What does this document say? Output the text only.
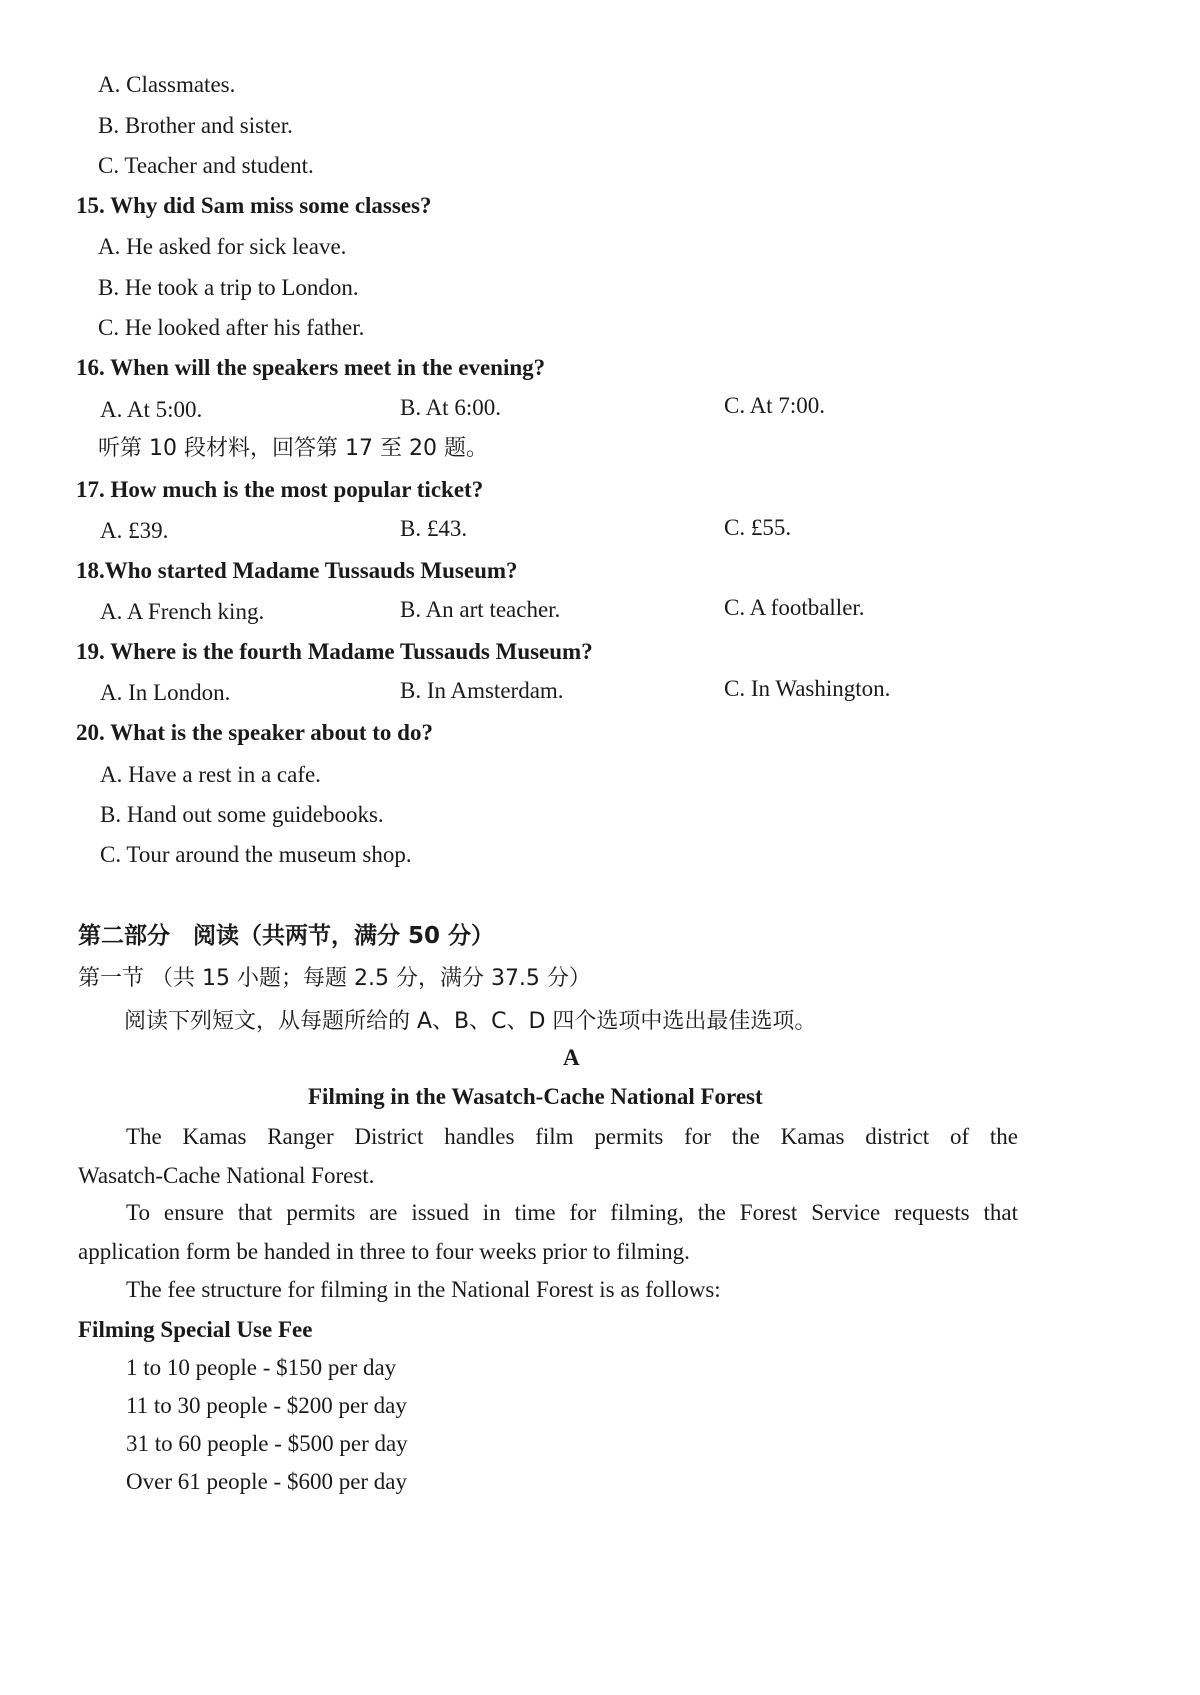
A. Classmates.
B. Brother and sister.
C. Teacher and student.
15. Why did Sam miss some classes?
A. He asked for sick leave.
B. He took a trip to London.
C. He looked after his father.
16. When will the speakers meet in the evening?
A. At 5:00.	B. At 6:00.	C. At 7:00.
听第 10 段材料，回答第 17 至 20 题。
17. How much is the most popular ticket?
A. £39.	B. £43.	C. £55.
18.Who started Madame Tussauds Museum?
A. A French king.	B. An art teacher.	C. A footballer.
19. Where is the fourth Madame Tussauds Museum?
A. In London.	B. In Amsterdam.	C. In Washington.
20. What is the speaker about to do?
A. Have a rest in a cafe.
B. Hand out some guidebooks.
C. Tour around the museum shop.
第二部分　阅读（共两节，满分 50 分）
第一节 （共 15 小题；每题 2.5 分，满分 37.5 分）
阅读下列短文，从每题所给的 A、B、C、D 四个选项中选出最佳选项。
A
Filming in the Wasatch-Cache National Forest
The Kamas Ranger District handles film permits for the Kamas district of the
Wasatch-Cache National Forest.
To ensure that permits are issued in time for filming, the Forest Service requests that
application form be handed in three to four weeks prior to filming.
The fee structure for filming in the National Forest is as follows:
Filming Special Use Fee
1 to 10 people - $150 per day
11 to 30 people - $200 per day
31 to 60 people - $500 per day
Over 61 people - $600 per day
